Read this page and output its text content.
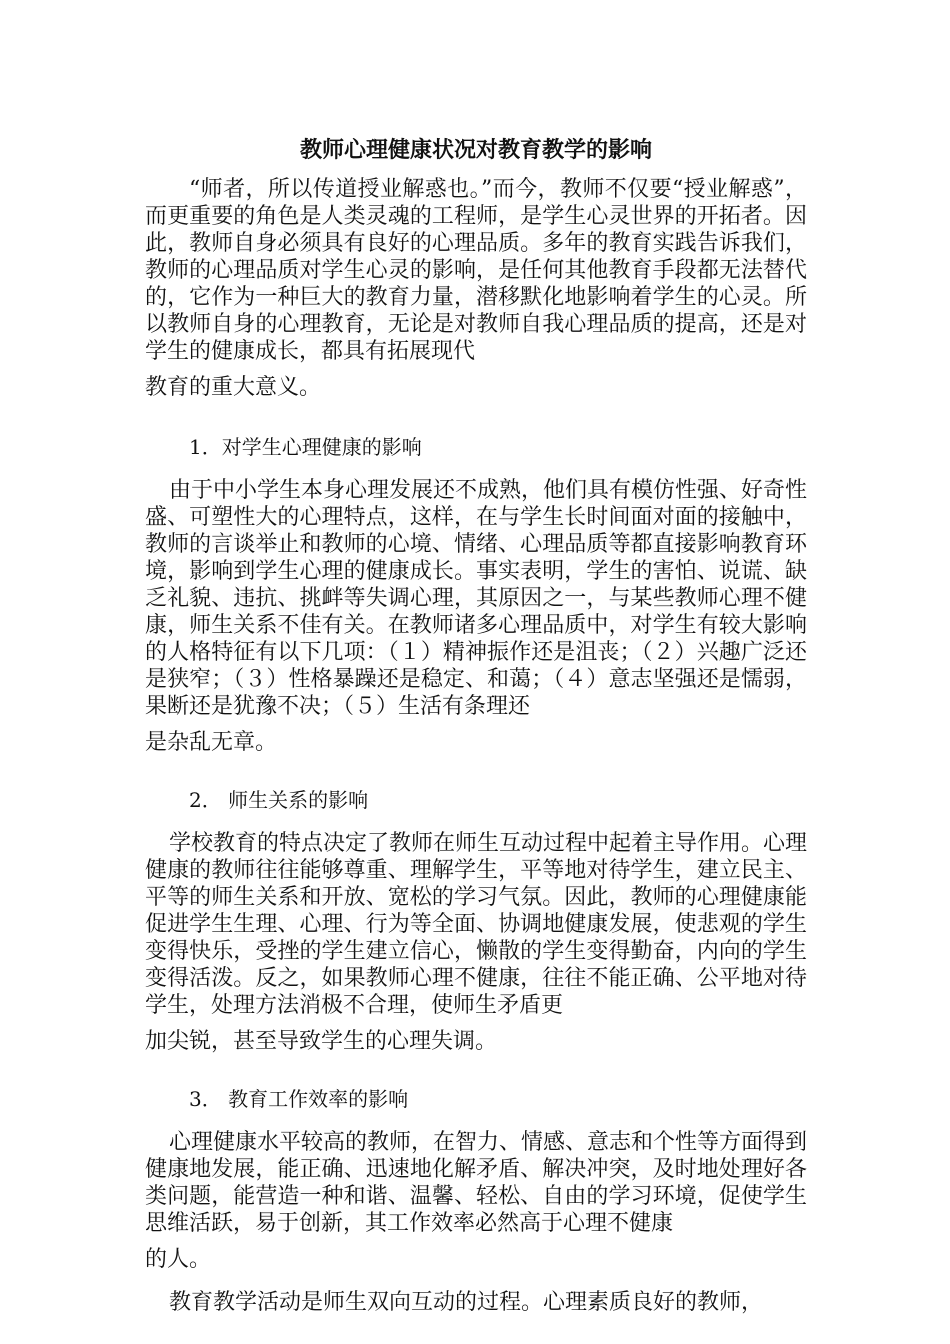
教师心理健康状况对教育教学的影响
“师者，所以传道授业解惑也。”而今，教师不仅要“授业解惑”，而更重要的角色是人类灵魂的工程师，是学生心灵世界的开拓者。因此，教师自身必须具有良好的心理品质。多年的教育实践告诉我们，教师的心理品质对学生心灵的影响，是任何其他教育手段都无法替代的，它作为一种巨大的教育力量，潜移默化地影响着学生的心灵。所以教师自身的心理教育，无论是对教师自我心理品质的提高，还是对学生的健康成长，都具有拓展现代
教育的重大意义。
1．对学生心理健康的影响
由于中小学生本身心理发展还不成熟，他们具有模仿性强、好奇性盛、可塑性大的心理特点，这样，在与学生长时间面对面的接触中，教师的言谈举止和教师的心境、情绪、心理品质等都直接影响教育环境，影响到学生心理的健康成长。事实表明，学生的害怕、说谎、缺乏礼貌、违抗、挑衅等失调心理，其原因之一，与某些教师心理不健康，师生关系不佳有关。在教师诸多心理品质中，对学生有较大影响的人格特征有以下几项：（１）精神振作还是沮丧；（２）兴趣广泛还是狭窄；（３）性格暴躁还是稳定、和蔼；（４）意志坚强还是懦弱，果断还是犹豫不决；（５）生活有条理还
是杂乱无章。
2． 师生关系的影响
学校教育的特点决定了教师在师生互动过程中起着主导作用。心理健康的教师往往能够尊重、理解学生，平等地对待学生，建立民主、平等的师生关系和开放、宽松的学习气氛。因此，教师的心理健康能促进学生生理、心理、行为等全面、协调地健康发展，使悲观的学生变得快乐，受挫的学生建立信心，懒散的学生变得勤奋，内向的学生变得活泼。反之，如果教师心理不健康，往往不能正确、公平地对待学生，处理方法消极不合理，使师生矛盾更
加尖锐，甚至导致学生的心理失调。
3． 教育工作效率的影响
心理健康水平较高的教师，在智力、情感、意志和个性等方面得到健康地发展，能正确、迅速地化解矛盾、解决冲突，及时地处理好各类问题，能营造一种和谐、温馨、轻松、自由的学习环境，促使学生思维活跃，易于创新，其工作效率必然高于心理不健康
的人。
教育教学活动是师生双向互动的过程。心理素质良好的教师，
